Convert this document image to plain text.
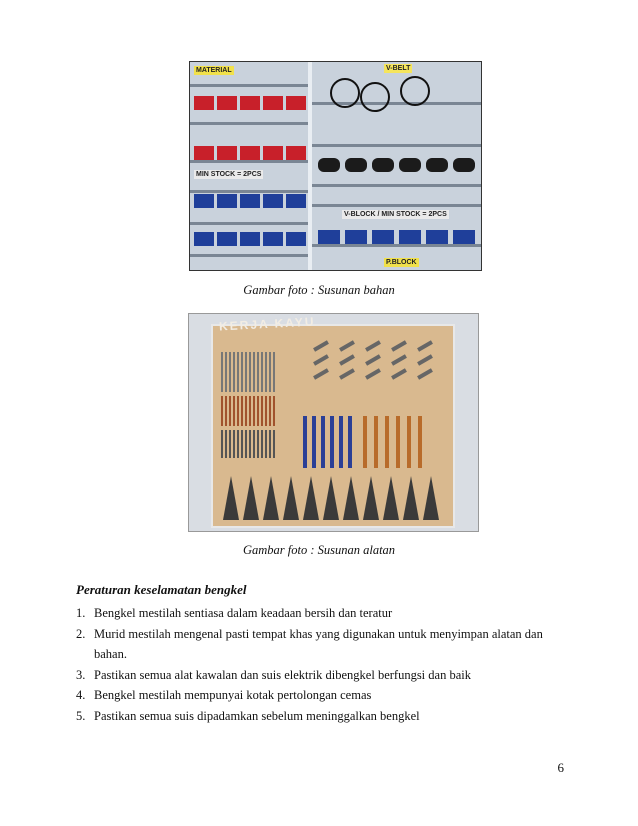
MATERIAL	V-BELT
MIN STOCK = 2PCS
V-BLOCK / MIN STOCK = 2PCS
P.BLOCK
Gambar foto : Susunan bahan
KERJA KAYU
Gambar foto : Susunan alatan
Peraturan keselamatan bengkel
1. Bengkel mestilah sentiasa dalam keadaan bersih dan teratur
2. Murid mestilah mengenal pasti tempat khas yang digunakan untuk menyimpan alatan dan bahan.
3. Pastikan semua alat kawalan dan suis elektrik dibengkel berfungsi dan baik
4. Bengkel mestilah mempunyai kotak pertolongan cemas
5. Pastikan semua suis dipadamkan sebelum meninggalkan bengkel
6
